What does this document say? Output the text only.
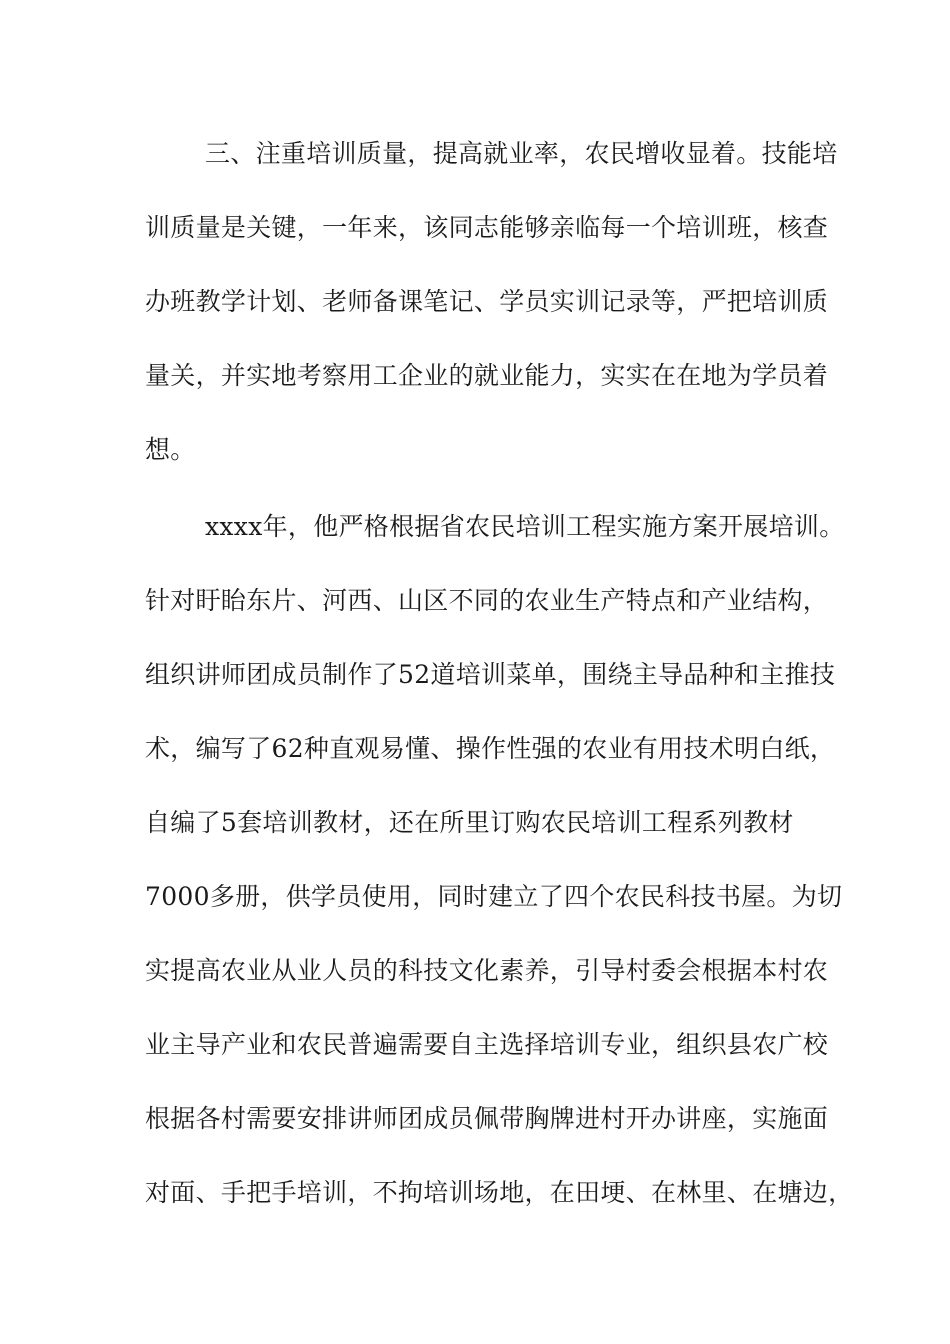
三、注重培训质量，提高就业率，农民增收显着。技能培
训质量是关键，一年来，该同志能够亲临每一个培训班，核查
办班教学计划、老师备课笔记、学员实训记录等，严把培训质
量关，并实地考察用工企业的就业能力，实实在在地为学员着
想。
xxxx年，他严格根据省农民培训工程实施方案开展培训。
针对盱眙东片、河西、山区不同的农业生产特点和产业结构，
组织讲师团成员制作了52道培训菜单，围绕主导品种和主推技
术，编写了62种直观易懂、操作性强的农业有用技术明白纸，
自编了5套培训教材，还在所里订购农民培训工程系列教材
7000多册，供学员使用，同时建立了四个农民科技书屋。为切
实提高农业从业人员的科技文化素养，引导村委会根据本村农
业主导产业和农民普遍需要自主选择培训专业，组织县农广校
根据各村需要安排讲师团成员佩带胸牌进村开办讲座，实施面
对面、手把手培训，不拘培训场地，在田埂、在林里、在塘边，
